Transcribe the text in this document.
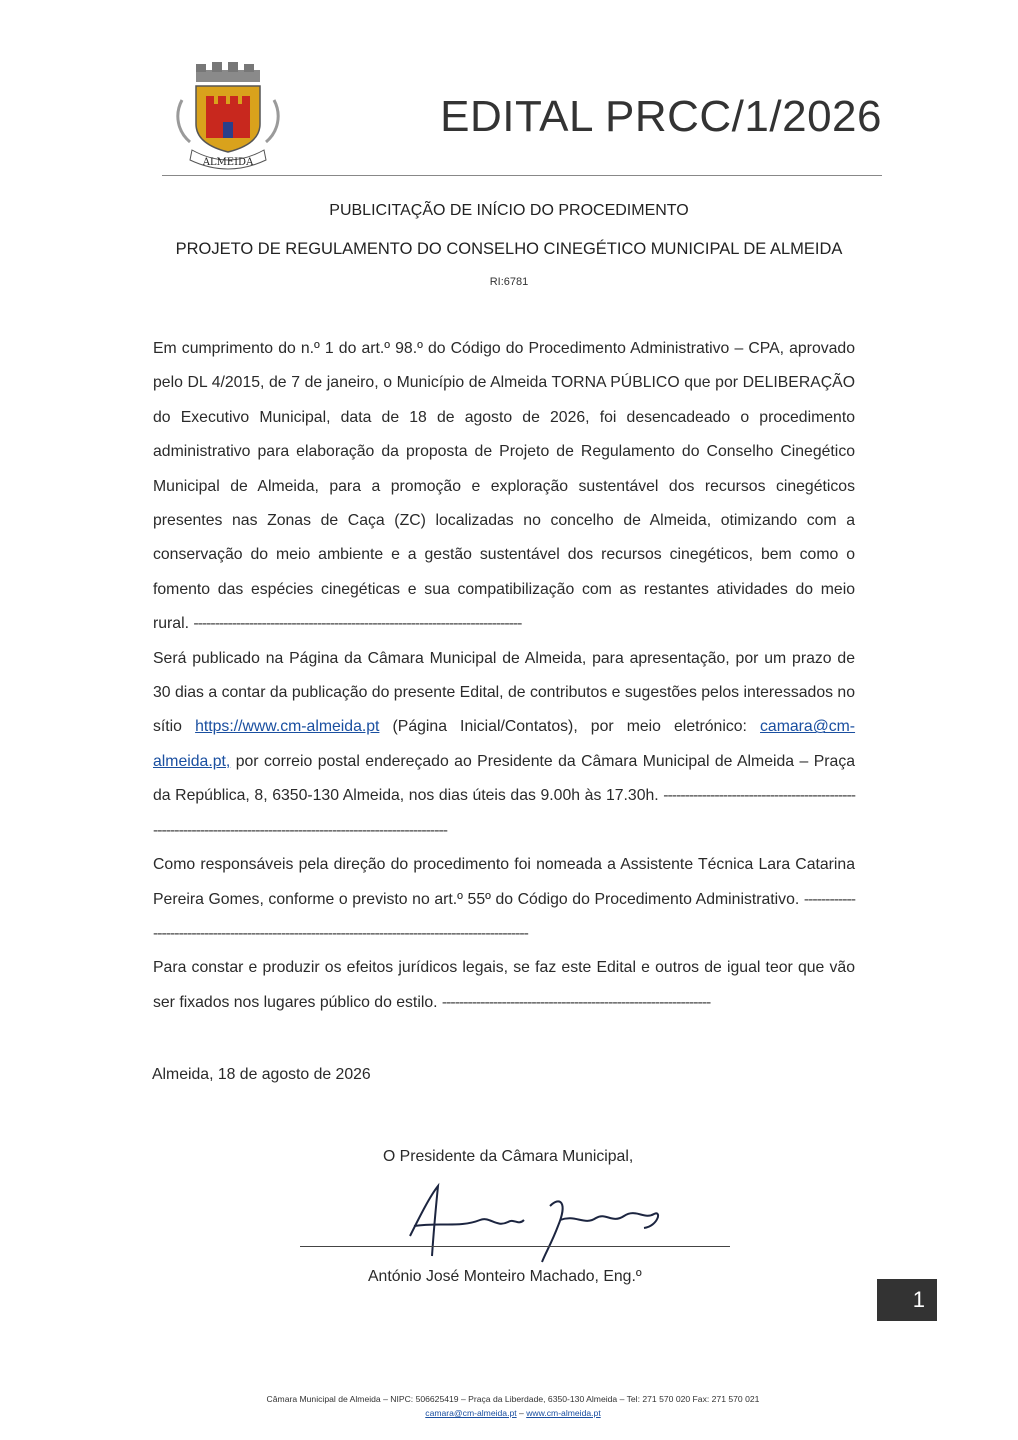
ALMEIDA
EDITAL PRCC/1/2026
PUBLICITAÇÃO DE INÍCIO DO PROCEDIMENTO
PROJETO DE REGULAMENTO DO CONSELHO CINEGÉTICO MUNICIPAL DE ALMEIDA
RI:6781

Em cumprimento do n.º 1 do art.º 98.º do Código do Procedimento Administrativo – CPA, aprovado pelo DL 4/2015, de 7 de janeiro, o Município de Almeida TORNA PÚBLICO que por DELIBERAÇÃO do Executivo Municipal, data de 18 de agosto de 2026, foi desencadeado o procedimento administrativo para elaboração da proposta de Projeto de Regulamento do Conselho Cinegético Municipal de Almeida, para a promoção e exploração sustentável dos recursos cinegéticos presentes nas Zonas de Caça (ZC) localizadas no concelho de Almeida, otimizando com a conservação do meio ambiente e a gestão sustentável dos recursos cinegéticos, bem como o fomento das espécies cinegéticas e sua compatibilização com as restantes atividades do meio rural. -----------------------------------------------------------------------------

Será publicado na Página da Câmara Municipal de Almeida, para apresentação, por um prazo de 30 dias a contar da publicação do presente Edital, de contributos e sugestões pelos interessados no sítio https://www.cm-almeida.pt (Página Inicial/Contatos), por meio eletrónico: camara@cm-almeida.pt, por correio postal endereçado ao Presidente da Câmara Municipal de Almeida – Praça da República, 8, 6350-130 Almeida, nos dias úteis das 9.00h às 17.30h. ------------------------------------------------------------------------------------------------------------------

Como responsáveis pela direção do procedimento foi nomeada a Assistente Técnica Lara Catarina Pereira Gomes, conforme o previsto no art.º 55º do Código do Procedimento Administrativo. ----------------------------------------------------------------------------------------------------

Para constar e produzir os efeitos jurídicos legais, se faz este Edital e outros de igual teor que vão ser fixados nos lugares público do estilo. ---------------------------------------------------------------

Almeida, 18 de agosto de 2026
O Presidente da Câmara Municipal,
António José Monteiro Machado, Eng.º
1
Câmara Municipal de Almeida – NIPC: 506625419 – Praça da Liberdade, 6350-130 Almeida – Tel: 271 570 020 Fax: 271 570 021
camara@cm-almeida.pt – www.cm-almeida.pt
